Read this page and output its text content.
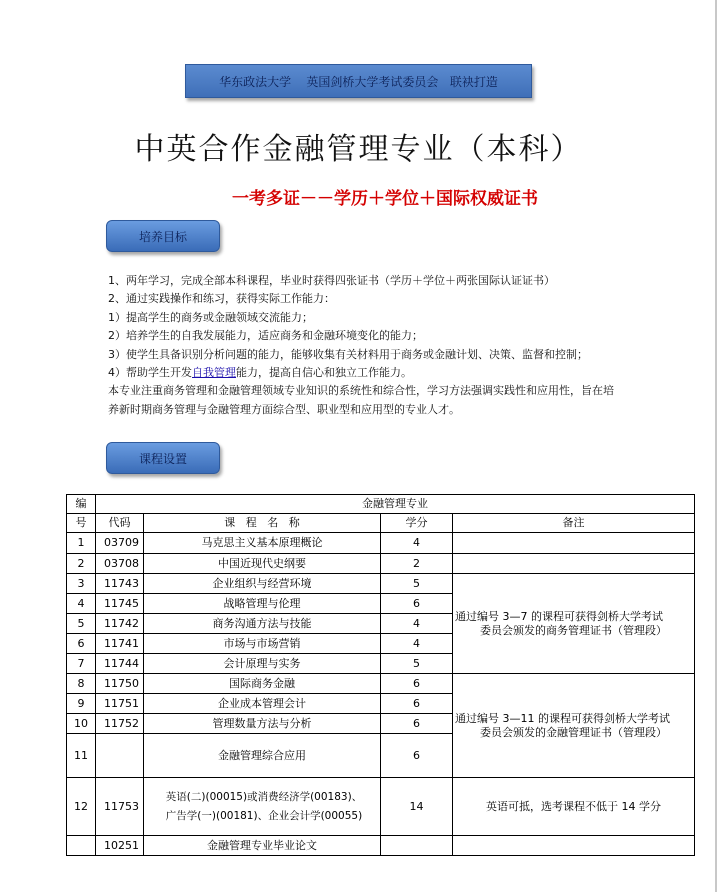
华东政法大学    英国剑桥大学考试委员会   联袂打造
中英合作金融管理专业（本科）
一考多证－－学历＋学位＋国际权威证书
培养目标
1、两年学习，完成全部本科课程，毕业时获得四张证书（学历＋学位＋两张国际认证证书）
2、通过实践操作和练习，获得实际工作能力：
1）提高学生的商务或金融领域交流能力；
2）培养学生的自我发展能力，适应商务和金融环境变化的能力；
3）使学生具备识别分析问题的能力，能够收集有关材料用于商务或金融计划、决策、监督和控制；
4）帮助学生开发自我管理能力，提高自信心和独立工作能力。
本专业注重商务管理和金融管理领域专业知识的系统性和综合性，学习方法强调实践性和应用性，旨在培
养新时期商务管理与金融管理方面综合型、职业型和应用型的专业人才。
课程设置
编	金融管理专业			
号	代码	课   程   名   称	学分	备注
1	03709	马克思主义基本原理概论	4	
2	03708	中国近现代史纲要	2	
3	11743	企业组织与经营环境	5	通过编号 3—7 的课程可获得剑桥大学考试
委员会颁发的商务管理证书（管理段）

4	11745	战略管理与伦理	6	
5	11742	商务沟通方法与技能	4	
6	11741	市场与市场营销	4	
7	11744	会计原理与实务	5	
8	11750	国际商务金融	6	通过编号 3—11 的课程可获得剑桥大学考试
委员会颁发的金融管理证书（管理段）

9	11751	企业成本管理会计	6	
10	11752	管理数量方法与分析	6	
11		金融管理综合应用	6	
12	11753	英语(二)(00015)或消费经济学(00183)、
广告学(一)(00181)、企业会计学(00055)	14	英语可抵，选考课程不低于 14 学分
	10251	金融管理专业毕业论文		
